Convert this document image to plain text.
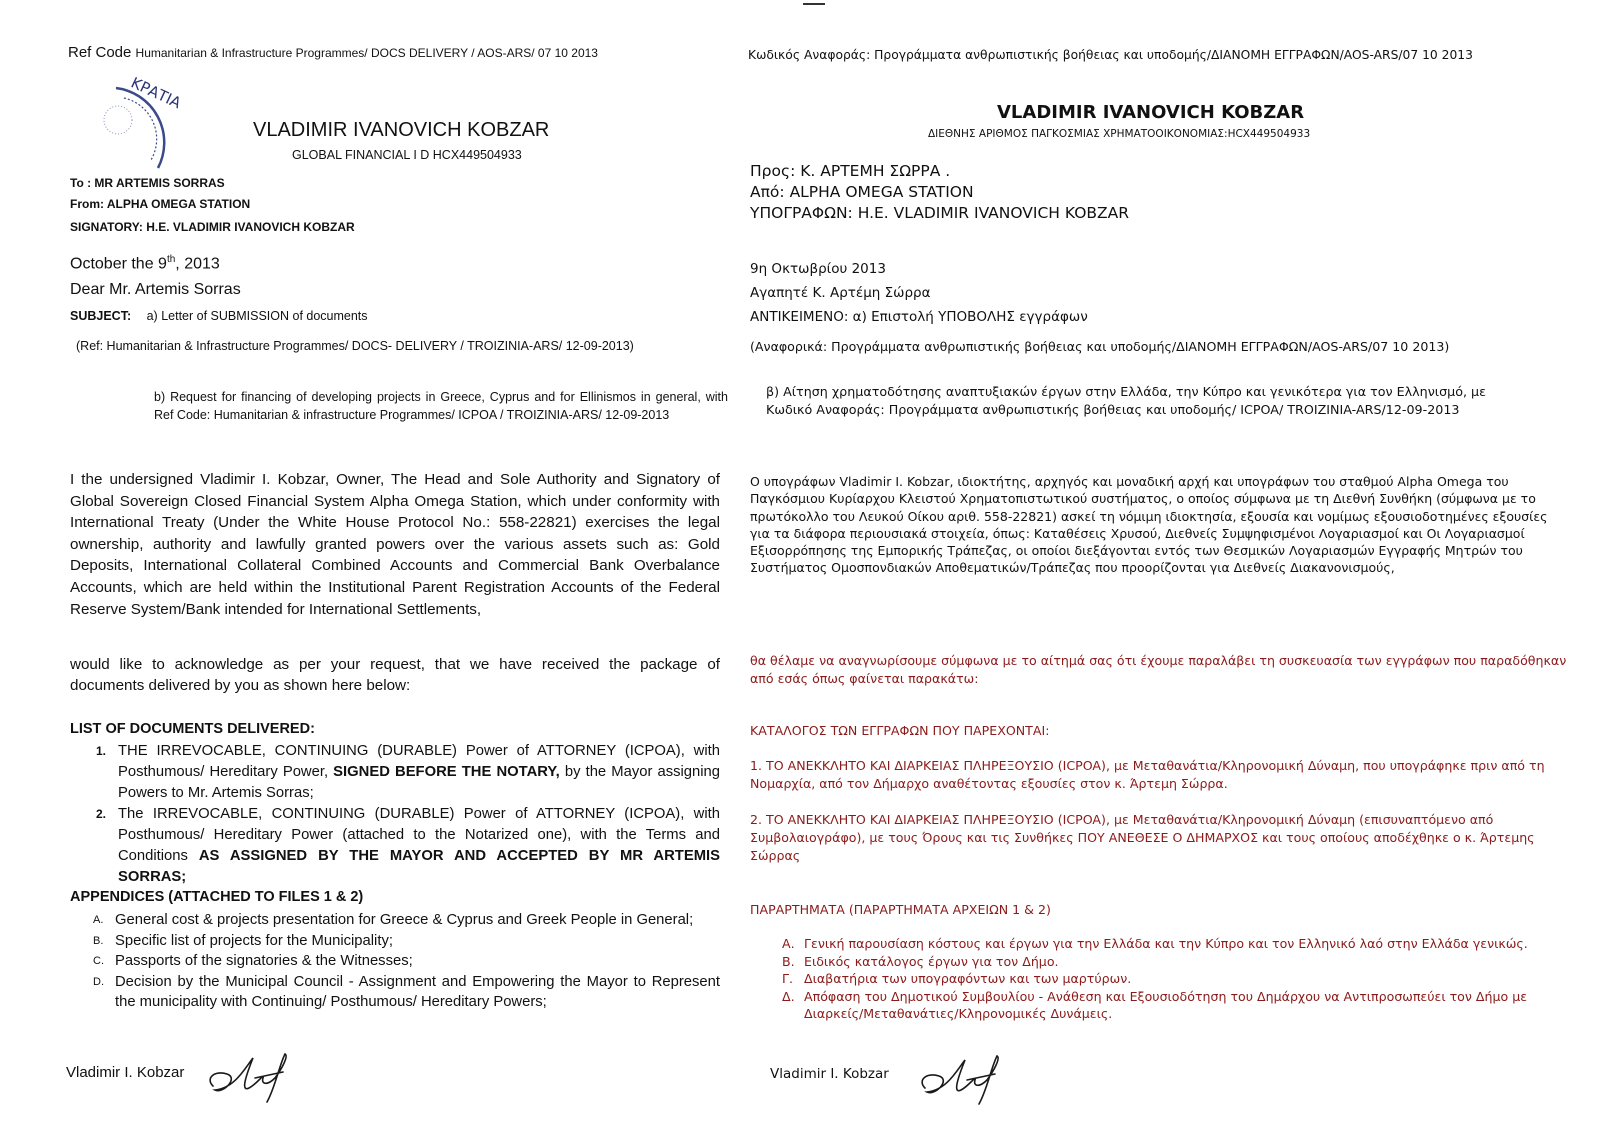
Ref Code Humanitarian & Infrastructure Programmes/ DOCS DELIVERY / AOS-ARS/ 07 10 2013
ΚΡΑΤΙΑ
VLADIMIR IVANOVICH KOBZAR
GLOBAL FINANCIAL I D HCX449504933
To : MR ARTEMIS SORRAS
From: ALPHA OMEGA STATION
SIGNATORY: H.E. VLADIMIR IVANOVICH KOBZAR
October the 9th, 2013
Dear Mr. Artemis Sorras
SUBJECT: a) Letter of SUBMISSION of documents
(Ref: Humanitarian & Infrastructure Programmes/ DOCS- DELIVERY / TROIZINIA-ARS/ 12-09-2013)
b) Request for financing of developing projects in Greece, Cyprus and for Ellinismos in general, with Ref Code: Humanitarian & infrastructure Programmes/ ICPOA / TROIZINIA-ARS/ 12-09-2013
I the undersigned Vladimir I. Kobzar, Owner, The Head and Sole Authority and Signatory of Global Sovereign Closed Financial System Alpha Omega Station, which under conformity with International Treaty (Under the White House Protocol No.: 558-22821) exercises the legal ownership, authority and lawfully granted powers over the various assets such as: Gold Deposits, International Collateral Combined Accounts and Commercial Bank Overbalance Accounts, which are held within the Institutional Parent Registration Accounts of the Federal Reserve System/Bank intended for International Settlements,
would like to acknowledge as per your request, that we have received the package of documents delivered by you as shown here below:
LIST OF DOCUMENTS DELIVERED:
1. THE IRREVOCABLE, CONTINUING (DURABLE) Power of ATTORNEY (ICPOA), with Posthumous/ Hereditary Power, SIGNED BEFORE THE NOTARY, by the Mayor assigning Powers to Mr. Artemis Sorras;
2. The IRREVOCABLE, CONTINUING (DURABLE) Power of ATTORNEY (ICPOA), with Posthumous/ Hereditary Power (attached to the Notarized one), with the Terms and Conditions AS ASSIGNED BY THE MAYOR AND ACCEPTED BY MR ARTEMIS SORRAS;
APPENDICES (ATTACHED TO FILES 1 & 2)
A. General cost & projects presentation for Greece & Cyprus and Greek People in General;
B. Specific list of projects for the Municipality;
C. Passports of the signatories & the Witnesses;
D. Decision by the Municipal Council - Assignment and Empowering the Mayor to Represent the municipality with Continuing/ Posthumous/ Hereditary Powers;
Vladimir I. Kobzar
Κωδικός Αναφοράς: Προγράμματα ανθρωπιστικής βοήθειας και υποδομής/ΔΙΑΝΟΜΗ ΕΓΓΡΑΦΩΝ/AOS-ARS/07 10 2013
VLADIMIR IVANOVICH KOBZAR
ΔΙΕΘΝΗΣ ΑΡΙΘΜΟΣ ΠΑΓΚΟΣΜΙΑΣ ΧΡΗΜΑΤΟΟΙΚΟΝΟΜΙΑΣ:HCX449504933
Προς: Κ. ΑΡΤΕΜΗ ΣΩΡΡΑ .
Από: ALPHA OMEGA STATION
ΥΠΟΓΡΑΦΩΝ: H.E. VLADIMIR IVANOVICH KOBZAR
9η Οκτωβρίου 2013
Αγαπητέ Κ. Αρτέμη Σώρρα
ΑΝΤΙΚΕΙΜΕΝΟ: α) Επιστολή ΥΠΟΒΟΛΗΣ εγγράφων
(Αναφορικά: Προγράμματα ανθρωπιστικής βοήθειας και υποδομής/ΔΙΑΝΟΜΗ ΕΓΓΡΑΦΩΝ/AOS-ARS/07 10 2013)
β) Αίτηση χρηματοδότησης αναπτυξιακών έργων στην Ελλάδα, την Κύπρο και γενικότερα για τον Ελληνισμό, με Κωδικό Αναφοράς: Προγράμματα ανθρωπιστικής βοήθειας και υποδομής/ ICPOA/ TROIZINIA-ARS/12-09-2013
Ο υπογράφων Vladimir I. Kobzar, ιδιοκτήτης, αρχηγός και μοναδική αρχή και υπογράφων του σταθμού Alpha Omega του Παγκόσμιου Κυρίαρχου Κλειστού Χρηματοπιστωτικού συστήματος, ο οποίος σύμφωνα με τη Διεθνή Συνθήκη (σύμφωνα με το πρωτόκολλο του Λευκού Οίκου αριθ. 558-22821) ασκεί τη νόμιμη ιδιοκτησία, εξουσία και νομίμως εξουσιοδοτημένες εξουσίες για τα διάφορα περιουσιακά στοιχεία, όπως: Καταθέσεις Χρυσού, Διεθνείς Συμψηφισμένοι Λογαριασμοί και Οι Λογαριασμοί Εξισορρόπησης της Εμπορικής Τράπεζας, οι οποίοι διεξάγονται εντός των Θεσμικών Λογαριασμών Εγγραφής Μητρών του Συστήματος Ομοσπονδιακών Αποθεματικών/Τράπεζας που προορίζονται για Διεθνείς Διακανονισμούς,
θα θέλαμε να αναγνωρίσουμε σύμφωνα με το αίτημά σας ότι έχουμε παραλάβει τη συσκευασία των εγγράφων που παραδόθηκαν από εσάς όπως φαίνεται παρακάτω:
ΚΑΤΑΛΟΓΟΣ ΤΩΝ ΕΓΓΡΑΦΩΝ ΠΟΥ ΠΑΡΕΧΟΝΤΑΙ:
1. ΤΟ ΑΝΕΚΚΛΗΤΟ ΚΑΙ ΔΙΑΡΚΕΙΑΣ ΠΛΗΡΕΞΟΥΣΙΟ (ICPOA), με Μεταθανάτια/Κληρονομική Δύναμη, που υπογράφηκε πριν από τη Νομαρχία, από τον Δήμαρχο αναθέτοντας εξουσίες στον κ. Άρτεμη Σώρρα.
2. ΤΟ ΑΝΕΚΚΛΗΤΟ ΚΑΙ ΔΙΑΡΚΕΙΑΣ ΠΛΗΡΕΞΟΥΣΙΟ (ICPOA), με Μεταθανάτια/Κληρονομική Δύναμη (επισυναπτόμενο από Συμβολαιογράφο), με τους Όρους και τις Συνθήκες ΠΟΥ ΑΝΕΘΕΣΕ Ο ΔΗΜΑΡΧΟΣ και τους οποίους αποδέχθηκε ο κ. Άρτεμης Σώρρας
ΠΑΡΑΡΤΗΜΑΤΑ (ΠΑΡΑΡΤΗΜΑΤΑ ΑΡΧΕΙΩΝ 1 & 2)
Α. Γενική παρουσίαση κόστους και έργων για την Ελλάδα και την Κύπρο και τον Ελληνικό λαό στην Ελλάδα γενικώς.
Β. Ειδικός κατάλογος έργων για τον Δήμο.
Γ. Διαβατήρια των υπογραφόντων και των μαρτύρων.
Δ. Απόφαση του Δημοτικού Συμβουλίου - Ανάθεση και Εξουσιοδότηση του Δημάρχου να Αντιπροσωπεύει τον Δήμο με Διαρκείς/Μεταθανάτιες/Κληρονομικές Δυνάμεις.
Vladimir I. Kobzar
